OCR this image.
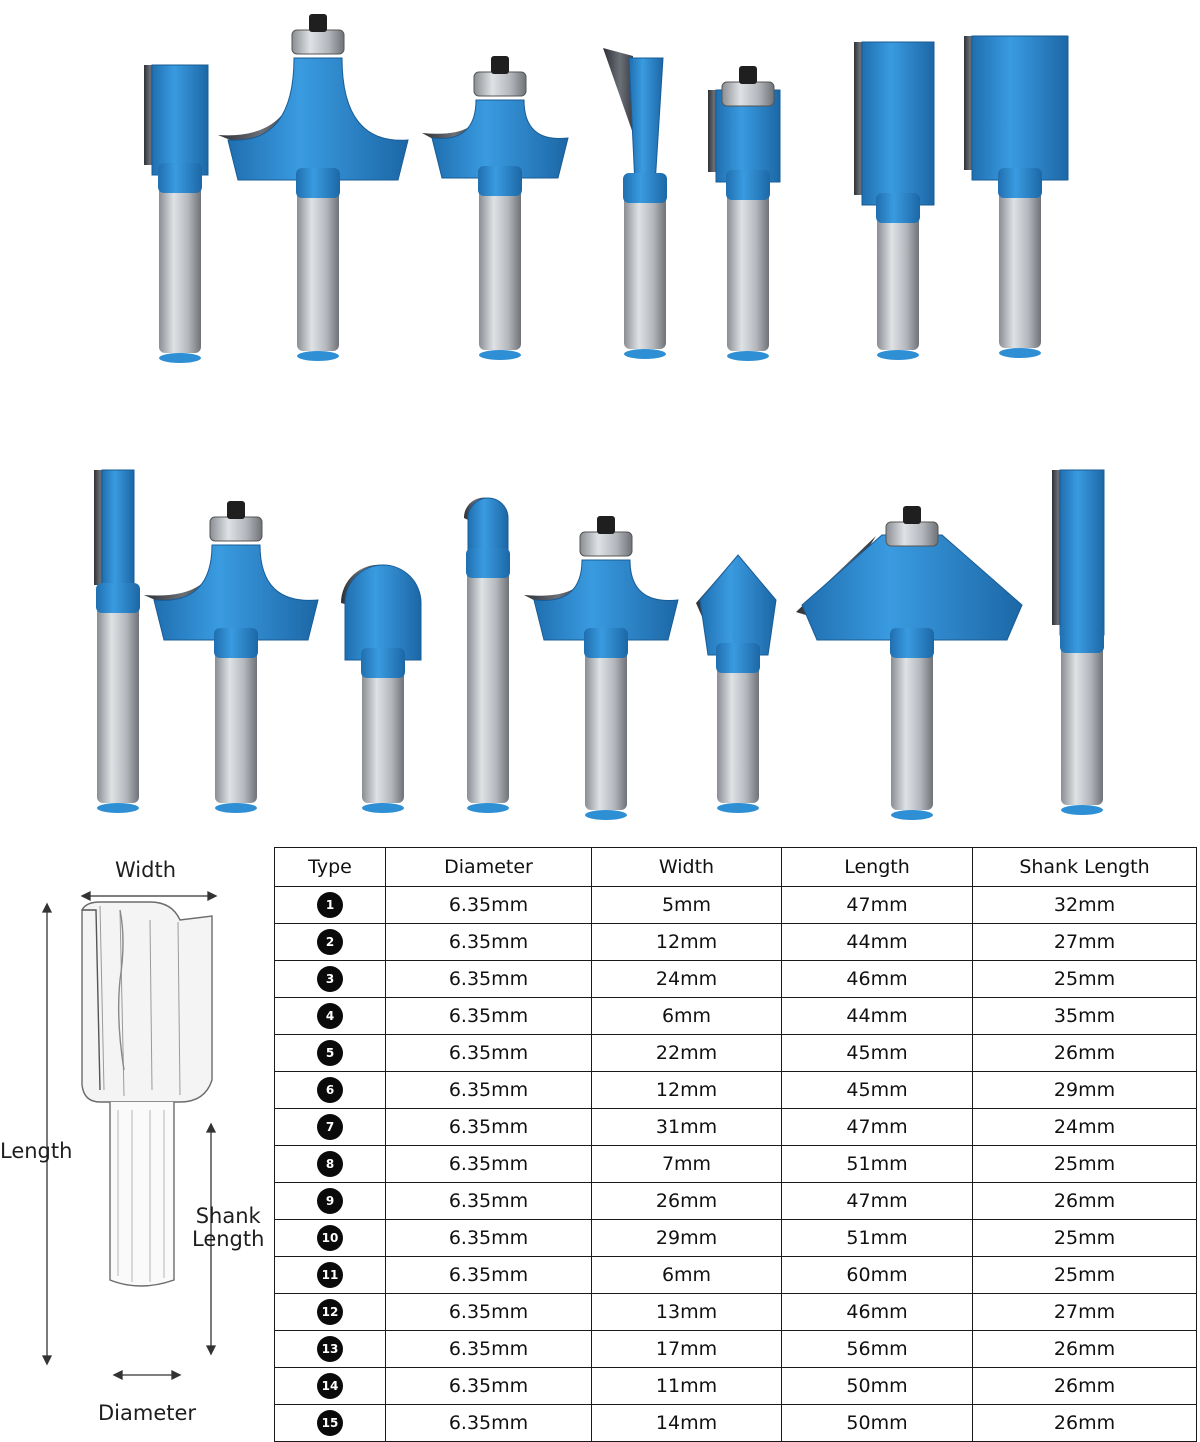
Width
Length
Shank
Length
Diameter
Type	Diameter	Width	Length	Shank Length
1	6.35mm	5mm	47mm	32mm
2	6.35mm	12mm	44mm	27mm
3	6.35mm	24mm	46mm	25mm
4	6.35mm	6mm	44mm	35mm
5	6.35mm	22mm	45mm	26mm
6	6.35mm	12mm	45mm	29mm
7	6.35mm	31mm	47mm	24mm
8	6.35mm	7mm	51mm	25mm
9	6.35mm	26mm	47mm	26mm
10	6.35mm	29mm	51mm	25mm
11	6.35mm	6mm	60mm	25mm
12	6.35mm	13mm	46mm	27mm
13	6.35mm	17mm	56mm	26mm
14	6.35mm	11mm	50mm	26mm
15	6.35mm	14mm	50mm	26mm
